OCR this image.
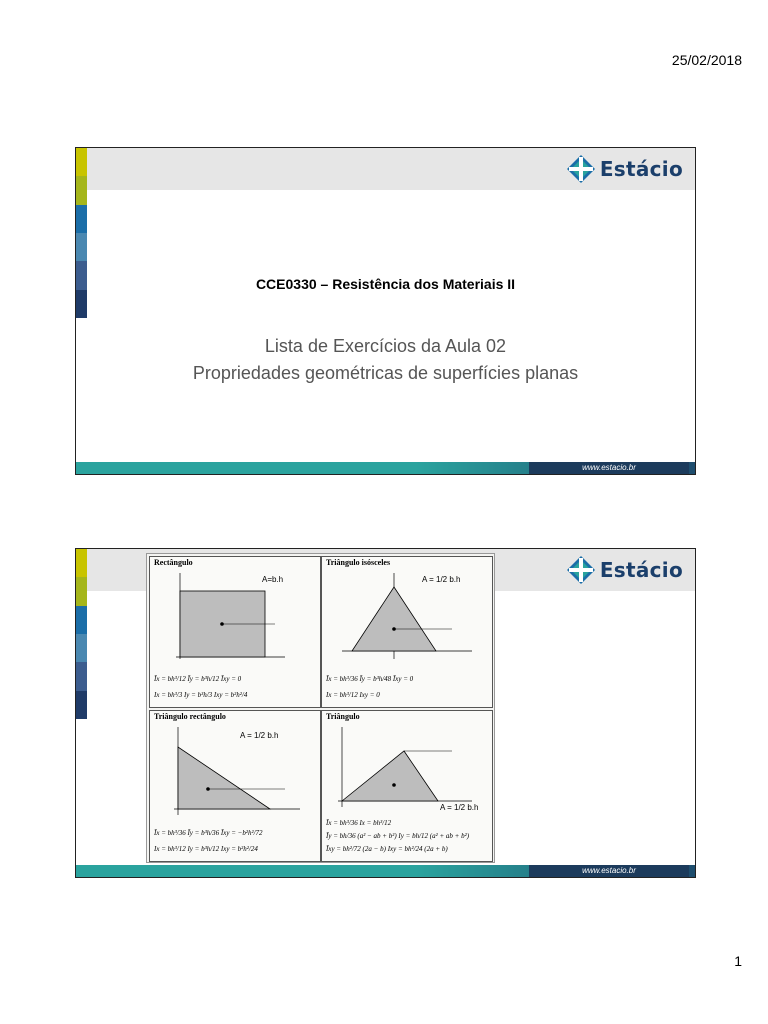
25/02/2018
Estácio
CCE0330 – Resistência dos Materiais II
Lista de Exercícios da Aula 02
Propriedades geométricas de superfícies planas
www.estacio.br
Estácio
Rectângulo
A=b.h
Īx = bh³/12 Īy = b³h/12 Īxy = 0
Ix = bh³/3 Iy = b³h/3 Ixy = b²h²/4
Triângulo isósceles
A = 1/2 b.h
Īx = bh³/36 Īy = b³h/48 Īxy = 0
Ix = bh³/12 Ixy = 0
Triângulo rectângulo
A = 1/2 b.h
Īx = bh³/36 Īy = b³h/36 Īxy = −b²h²/72
Ix = bh³/12 Iy = b³h/12 Ixy = b²h²/24
Triângulo
A = 1/2 b.h
Īx = bh³/36 Ix = bh³/12
Īy = bh/36 (a² − ab + b²) Iy = bh/12 (a² + ab + b²)
Īxy = bh²/72 (2a − b) Ixy = bh²/24 (2a + b)
www.estacio.br
1
